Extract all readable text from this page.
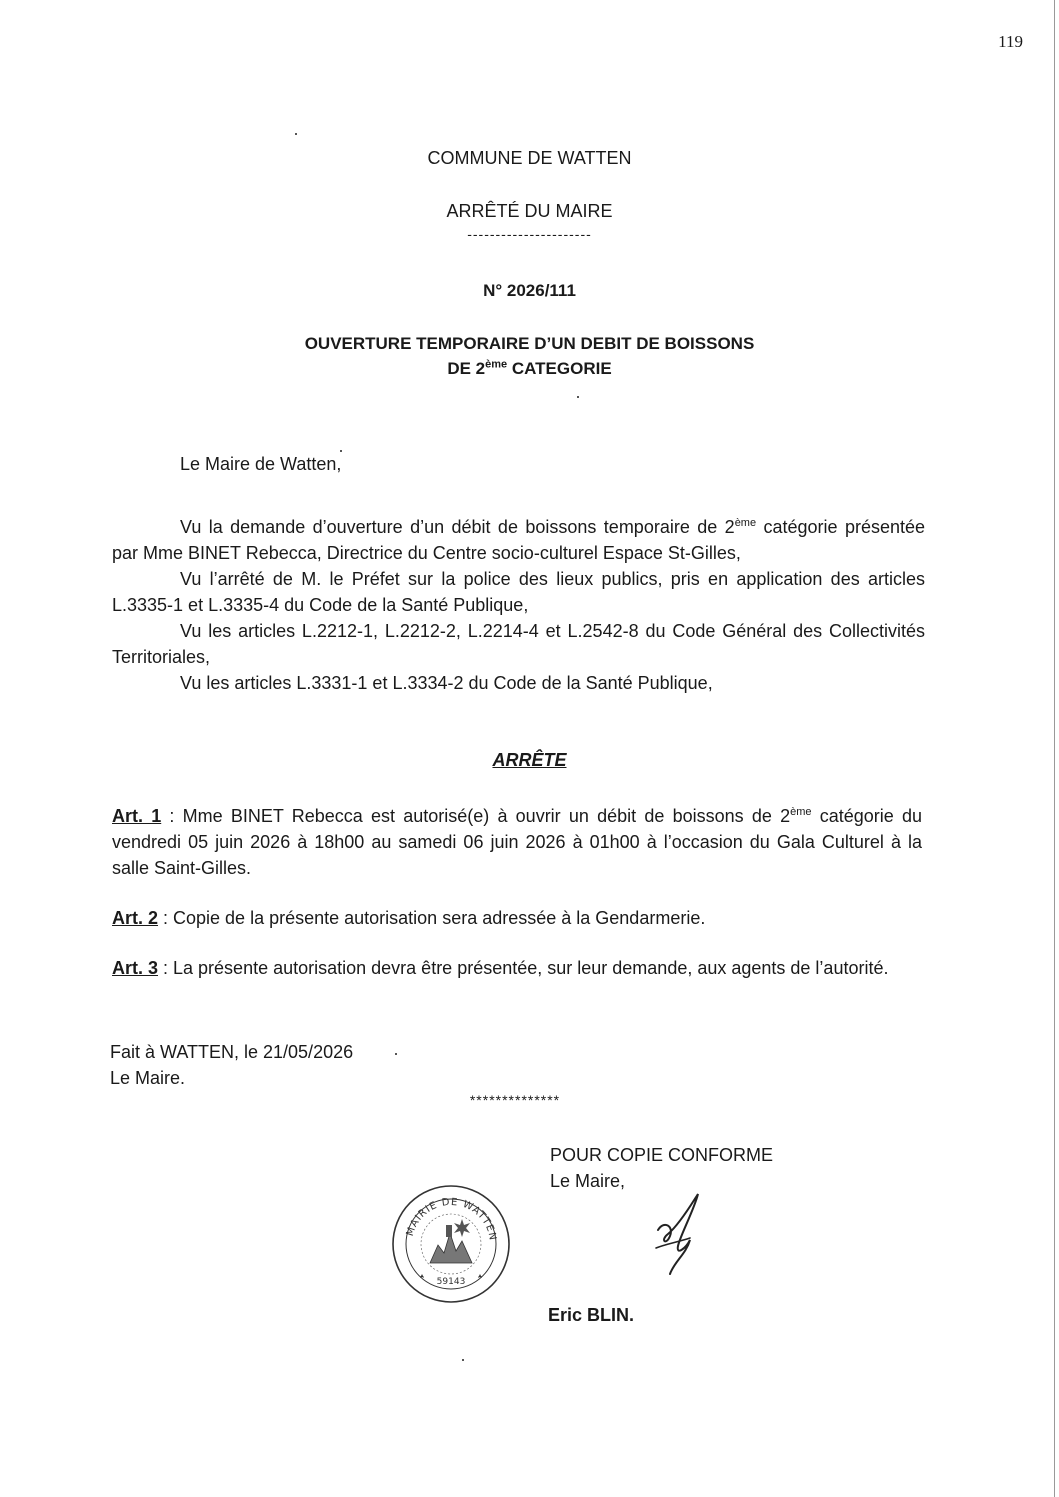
119
COMMUNE DE WATTEN
ARRÊTÉ DU MAIRE
----------------------
N° 2026/111
OUVERTURE TEMPORAIRE D’UN DEBIT DE BOISSONS
DE 2ème CATEGORIE
Le Maire de Watten,

Vu la demande d’ouverture d’un débit de boissons temporaire de 2ème catégorie présentée par Mme BINET Rebecca, Directrice du Centre socio-culturel Espace St-Gilles,

Vu l’arrêté de M. le Préfet sur la police des lieux publics, pris en application des articles L.3335-1 et L.3335-4 du Code de la Santé Publique,

Vu les articles L.2212-1, L.2212-2, L.2214-4 et L.2542-8 du Code Général des Collectivités Territoriales,

Vu les articles L.3331-1 et L.3334-2 du Code de la Santé Publique,

ARRÊTE

Art. 1 : Mme BINET Rebecca est autorisé(e) à ouvrir un débit de boissons de 2ème catégorie du vendredi 05 juin 2026 à 18h00 au samedi 06 juin 2026 à 01h00 à l’occasion du Gala Culturel à la salle Saint-Gilles.

Art. 2 : Copie de la présente autorisation sera adressée à la Gendarmerie.

Art. 3 : La présente autorisation devra être présentée, sur leur demande, aux agents de l’autorité.

Fait à WATTEN, le 21/05/2026
Le Maire.
**************
POUR COPIE CONFORME
Le Maire,
MAIRIE DE WATTEN
59143
Eric BLIN.
